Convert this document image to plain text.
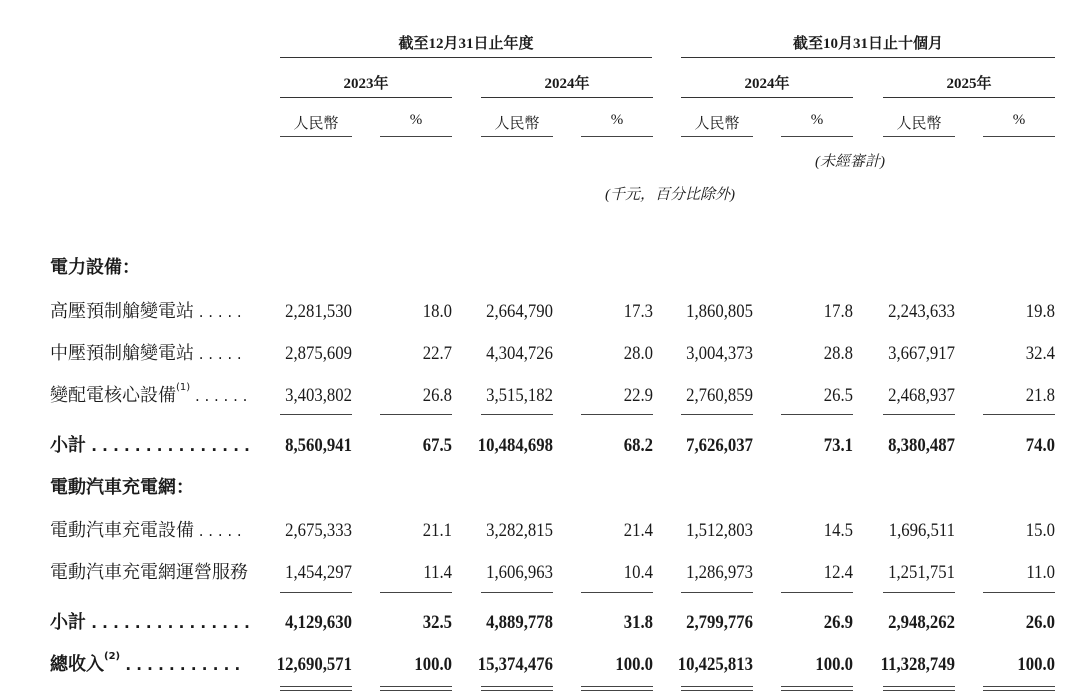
截至12月31日止年度	截至10月31日止十個月
2023年	2024年	2024年	2025年
人民幣	%	人民幣	%	人民幣	%	人民幣	%
(未經審計)
(千元，百分比除外)
電力設備：
高壓預制艙變電站 . . .	2,281,530	18.0	2,664,790	17.3	1,860,805	17.8	2,243,633	19.8
中壓預制艙變電站 . . .	2,875,609	22.7	4,304,726	28.0	3,004,373	28.8	3,667,917	32.4
變配電核心設備$^{(1)}$ . . .	3,403,802	26.8	3,515,182	22.9	2,760,859	26.5	2,468,937	21.8
小計 . . .	8,560,941	67.5	10,484,698	68.2	7,626,037	73.1	8,380,487	74.0
電動汽車充電網：
電動汽車充電設備 . . .	2,675,333	21.1	3,282,815	21.4	1,512,803	14.5	1,696,511	15.0
電動汽車充電網運營服務 . . .	1,454,297	11.4	1,606,963	10.4	1,286,973	12.4	1,251,751	11.0
小計 . . .	4,129,630	32.5	4,889,778	31.8	2,799,776	26.9	2,948,262	26.0
總收入$^{(2)}$ . . .	12,690,571	100.0	15,374,476	100.0	10,425,813	100.0	11,328,749	100.0
